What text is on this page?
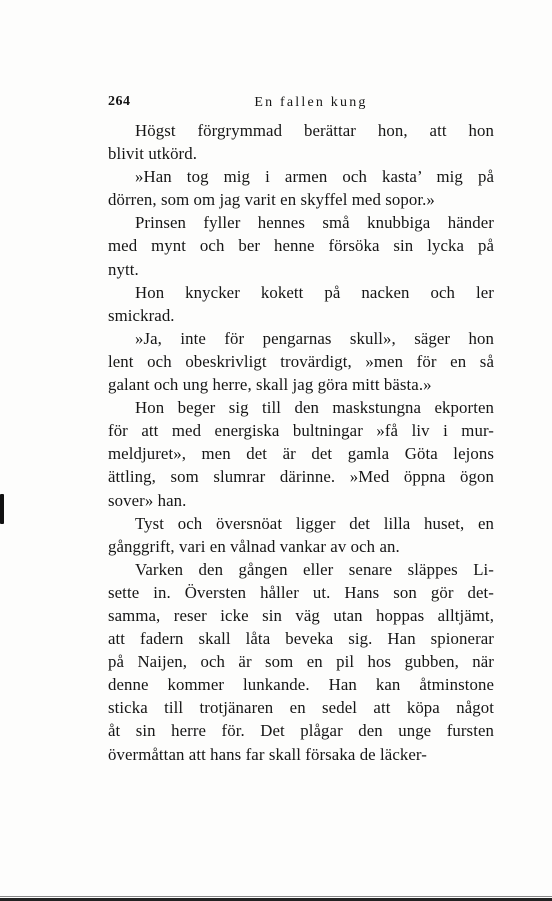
264	En fallen kung
Högst förgrymmad berättar hon, att hon
blivit utkörd.
»Han tog mig i armen och kasta’ mig på
dörren, som om jag varit en skyffel med sopor.»
Prinsen fyller hennes små knubbiga händer
med mynt och ber henne försöka sin lycka på
nytt.
Hon knycker kokett på nacken och ler
smickrad.
»Ja, inte för pengarnas skull», säger hon
lent och obeskrivligt trovärdigt, »men för en så
galant och ung herre, skall jag göra mitt bästa.»
Hon beger sig till den maskstungna ekporten
för att med energiska bultningar »få liv i mur-
meldjuret», men det är det gamla Göta lejons
ättling, som slumrar därinne. »Med öppna ögon
sover» han.
Tyst och översnöat ligger det lilla huset, en
gånggrift, vari en vålnad vankar av och an.
Varken den gången eller senare släppes Li-
sette in. Översten håller ut. Hans son gör det-
samma, reser icke sin väg utan hoppas alltjämt,
att fadern skall låta beveka sig. Han spionerar
på Naijen, och är som en pil hos gubben, när
denne kommer lunkande. Han kan åtminstone
sticka till trotjänaren en sedel att köpa något
åt sin herre för. Det plågar den unge fursten
övermåttan att hans far skall försaka de läcker-
